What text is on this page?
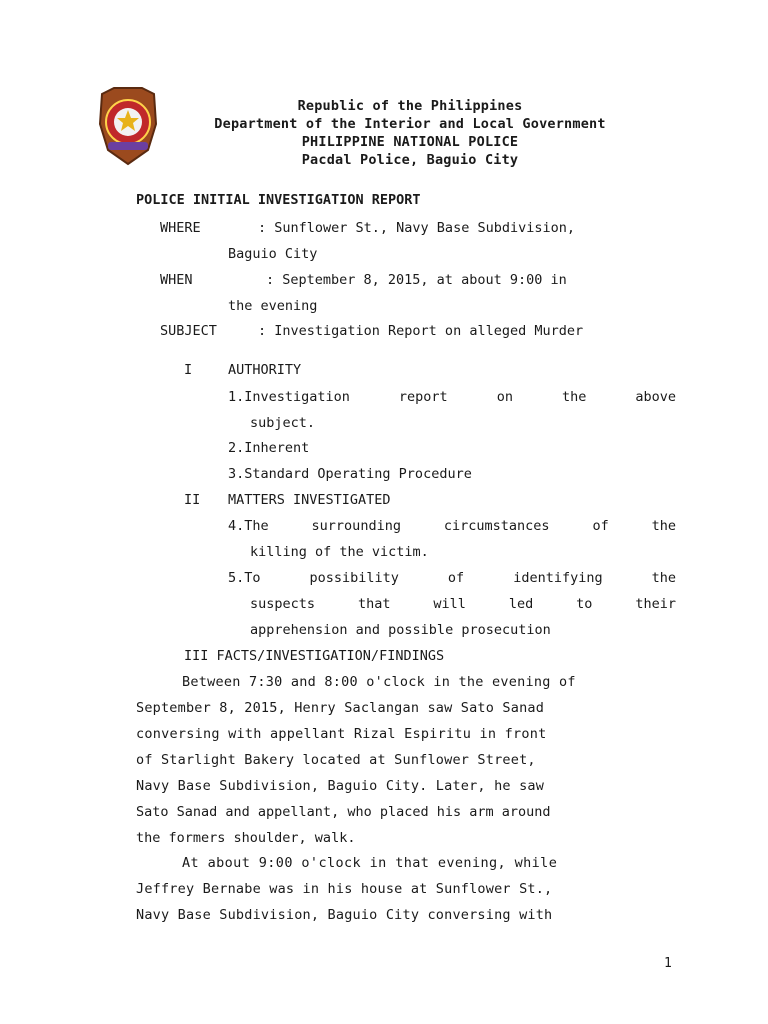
Republic of the Philippines
Department of the Interior and Local Government
PHILIPPINE NATIONAL POLICE
Pacdal Police, Baguio City
POLICE INITIAL INVESTIGATION REPORT
WHERE	: Sunflower St., Navy Base Subdivision,
Baguio City
WHEN	: September 8, 2015, at about 9:00 in
the evening
SUBJECT	: Investigation Report on alleged Murder
I	AUTHORITY
1.Investigation	report	on	the	above
subject.
2.Inherent
3.Standard Operating Procedure
II MATTERS INVESTIGATED
4.The	surrounding	circumstances	of	the
killing of the victim.
5.To	possibility	of	identifying	the
suspects	that	will	led	to	their
apprehension and possible prosecution
III FACTS/INVESTIGATION/FINDINGS
Between 7:30 and 8:00 o'clock in the evening of
September 8, 2015, Henry Saclangan saw Sato Sanad
conversing with appellant Rizal Espiritu in front
of Starlight Bakery located at Sunflower Street,
Navy Base Subdivision, Baguio City. Later, he saw
Sato Sanad and appellant, who placed his arm around
the formers shoulder, walk.
At about 9:00 o'clock in that evening, while
Jeffrey Bernabe was in his house at Sunflower St.,
Navy Base Subdivision, Baguio City conversing with
1
